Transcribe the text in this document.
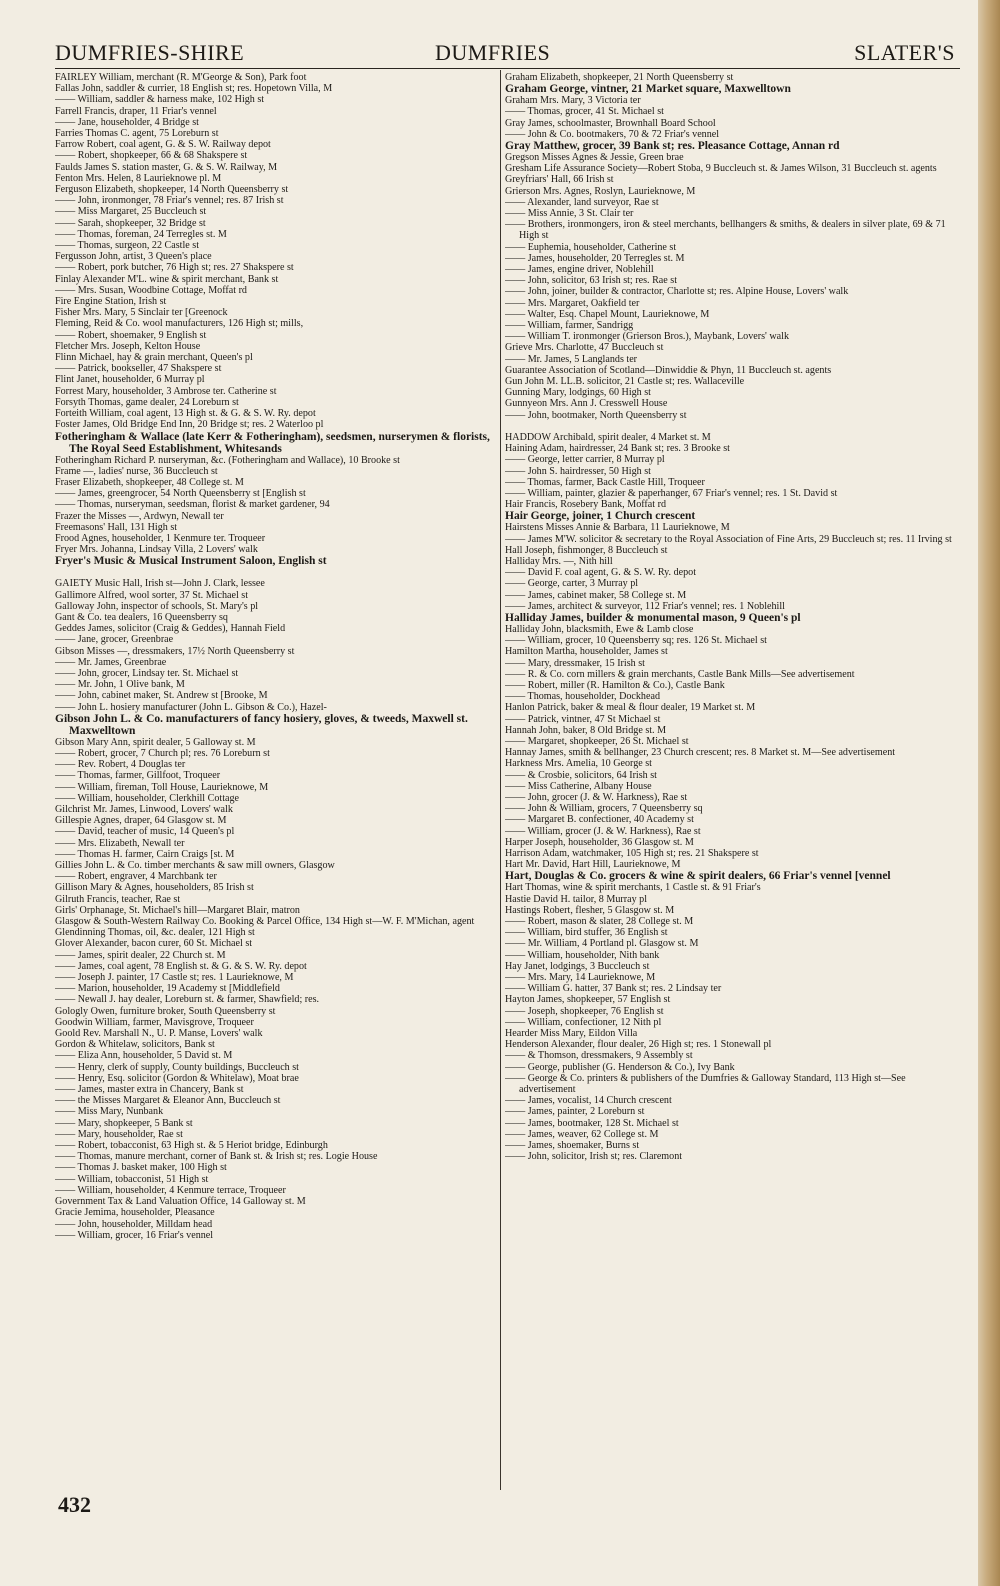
DUMFRIES-SHIRE	DUMFRIES	SLATER'S

FAIRLEY William, merchant (R. M'George & Son), Park foot

Fallas John, saddler & currier, 18 English st; res. Hopetown Villa, M

—— William, saddler & harness make, 102 High st

Farrell Francis, draper, 11 Friar's vennel

—— Jane, householder, 4 Bridge st

Farries Thomas C. agent, 75 Loreburn st

Farrow Robert, coal agent, G. & S. W. Railway depot

—— Robert, shopkeeper, 66 & 68 Shakspere st

Faulds James S. station master, G. & S. W. Railway, M

Fenton Mrs. Helen, 8 Laurieknowe pl. M

Ferguson Elizabeth, shopkeeper, 14 North Queensberry st

—— John, ironmonger, 78 Friar's vennel; res. 87 Irish st

—— Miss Margaret, 25 Buccleuch st

—— Sarah, shopkeeper, 32 Bridge st

—— Thomas, foreman, 24 Terregles st. M

—— Thomas, surgeon, 22 Castle st

Fergusson John, artist, 3 Queen's place

—— Robert, pork butcher, 76 High st; res. 27 Shakspere st

Finlay Alexander M'L. wine & spirit merchant, Bank st

—— Mrs. Susan, Woodbine Cottage, Moffat rd

Fire Engine Station, Irish st

Fisher Mrs. Mary, 5 Sinclair ter [Greenock

Fleming, Reid & Co. wool manufacturers, 126 High st; mills,

—— Robert, shoemaker, 9 English st

Fletcher Mrs. Joseph, Kelton House

Flinn Michael, hay & grain merchant, Queen's pl

—— Patrick, bookseller, 47 Shakspere st

Flint Janet, householder, 6 Murray pl

Forrest Mary, householder, 3 Ambrose ter. Catherine st

Forsyth Thomas, game dealer, 24 Loreburn st

Forteith William, coal agent, 13 High st. & G. & S. W. Ry. depot

Foster James, Old Bridge End Inn, 20 Bridge st; res. 2 Waterloo pl

Fotheringham & Wallace (late Kerr & Fotheringham), seedsmen, nurserymen & florists, The Royal Seed Establishment, Whitesands

Fotheringham Richard P. nurseryman, &c. (Fotheringham and Wallace), 10 Brooke st

Frame —, ladies' nurse, 36 Buccleuch st

Fraser Elizabeth, shopkeeper, 48 College st. M

—— James, greengrocer, 54 North Queensberry st [English st

—— Thomas, nurseryman, seedsman, florist & market gardener, 94

Frazer the Misses —, Ardwyn, Newall ter

Freemasons' Hall, 131 High st

Frood Agnes, householder, 1 Kenmure ter. Troqueer

Fryer Mrs. Johanna, Lindsay Villa, 2 Lovers' walk

Fryer's Music & Musical Instrument Saloon, English st

GAIETY Music Hall, Irish st—John J. Clark, lessee

Gallimore Alfred, wool sorter, 37 St. Michael st

Galloway John, inspector of schools, St. Mary's pl

Gant & Co. tea dealers, 16 Queensberry sq

Geddes James, solicitor (Craig & Geddes), Hannah Field

—— Jane, grocer, Greenbrae

Gibson Misses —, dressmakers, 17½ North Queensberry st

—— Mr. James, Greenbrae

—— John, grocer, Lindsay ter. St. Michael st

—— Mr. John, 1 Olive bank, M

—— John, cabinet maker, St. Andrew st [Brooke, M

—— John L. hosiery manufacturer (John L. Gibson & Co.), Hazel-

Gibson John L. & Co. manufacturers of fancy hosiery, gloves, & tweeds, Maxwell st. Maxwelltown

Gibson Mary Ann, spirit dealer, 5 Galloway st. M

—— Robert, grocer, 7 Church pl; res. 76 Loreburn st

—— Rev. Robert, 4 Douglas ter

—— Thomas, farmer, Gillfoot, Troqueer

—— William, fireman, Toll House, Laurieknowe, M

—— William, householder, Clerkhill Cottage

Gilchrist Mr. James, Linwood, Lovers' walk

Gillespie Agnes, draper, 64 Glasgow st. M

—— David, teacher of music, 14 Queen's pl

—— Mrs. Elizabeth, Newall ter

—— Thomas H. farmer, Cairn Craigs [st. M

Gillies John L. & Co. timber merchants & saw mill owners, Glasgow

—— Robert, engraver, 4 Marchbank ter

Gillison Mary & Agnes, householders, 85 Irish st

Gilruth Francis, teacher, Rae st

Girls' Orphanage, St. Michael's hill—Margaret Blair, matron

Glasgow & South-Western Railway Co. Booking & Parcel Office, 134 High st—W. F. M'Michan, agent

Glendinning Thomas, oil, &c. dealer, 121 High st

Glover Alexander, bacon curer, 60 St. Michael st

—— James, spirit dealer, 22 Church st. M

—— James, coal agent, 78 English st. & G. & S. W. Ry. depot

—— Joseph J. painter, 17 Castle st; res. 1 Laurieknowe, M

—— Marion, householder, 19 Academy st [Middlefield

—— Newall J. hay dealer, Loreburn st. & farmer, Shawfield; res.

Gologly Owen, furniture broker, South Queensberry st

Goodwin William, farmer, Mavisgrove, Troqueer

Goold Rev. Marshall N., U. P. Manse, Lovers' walk

Gordon & Whitelaw, solicitors, Bank st

—— Eliza Ann, householder, 5 David st. M

—— Henry, clerk of supply, County buildings, Buccleuch st

—— Henry, Esq. solicitor (Gordon & Whitelaw), Moat brae

—— James, master extra in Chancery, Bank st

—— the Misses Margaret & Eleanor Ann, Buccleuch st

—— Miss Mary, Nunbank

—— Mary, shopkeeper, 5 Bank st

—— Mary, householder, Rae st

—— Robert, tobacconist, 63 High st. & 5 Heriot bridge, Edinburgh

—— Thomas, manure merchant, corner of Bank st. & Irish st; res. Logie House

—— Thomas J. basket maker, 100 High st

—— William, tobacconist, 51 High st

—— William, householder, 4 Kenmure terrace, Troqueer

Government Tax & Land Valuation Office, 14 Galloway st. M

Gracie Jemima, householder, Pleasance

—— John, householder, Milldam head

—— William, grocer, 16 Friar's vennel

Graham Elizabeth, shopkeeper, 21 North Queensberry st

Graham George, vintner, 21 Market square, Maxwelltown

Graham Mrs. Mary, 3 Victoria ter

—— Thomas, grocer, 41 St. Michael st

Gray James, schoolmaster, Brownhall Board School

—— John & Co. bootmakers, 70 & 72 Friar's vennel

Gray Matthew, grocer, 39 Bank st; res. Pleasance Cottage, Annan rd

Gregson Misses Agnes & Jessie, Green brae

Gresham Life Assurance Society—Robert Stoba, 9 Buccleuch st. & James Wilson, 31 Buccleuch st. agents

Greyfriars' Hall, 66 Irish st

Grierson Mrs. Agnes, Roslyn, Laurieknowe, M

—— Alexander, land surveyor, Rae st

—— Miss Annie, 3 St. Clair ter

—— Brothers, ironmongers, iron & steel merchants, bellhangers & smiths, & dealers in silver plate, 69 & 71 High st

—— Euphemia, householder, Catherine st

—— James, householder, 20 Terregles st. M

—— James, engine driver, Noblehill

—— John, solicitor, 63 Irish st; res. Rae st

—— John, joiner, builder & contractor, Charlotte st; res. Alpine House, Lovers' walk

—— Mrs. Margaret, Oakfield ter

—— Walter, Esq. Chapel Mount, Laurieknowe, M

—— William, farmer, Sandrigg

—— William T. ironmonger (Grierson Bros.), Maybank, Lovers' walk

Grieve Mrs. Charlotte, 47 Buccleuch st

—— Mr. James, 5 Langlands ter

Guarantee Association of Scotland—Dinwiddie & Phyn, 11 Buccleuch st. agents

Gun John M. LL.B. solicitor, 21 Castle st; res. Wallaceville

Gunning Mary, lodgings, 60 High st

Gunnyeon Mrs. Ann J. Cresswell House

—— John, bootmaker, North Queensberry st

HADDOW Archibald, spirit dealer, 4 Market st. M

Haining Adam, hairdresser, 24 Bank st; res. 3 Brooke st

—— George, letter carrier, 8 Murray pl

—— John S. hairdresser, 50 High st

—— Thomas, farmer, Back Castle Hill, Troqueer

—— William, painter, glazier & paperhanger, 67 Friar's vennel; res. 1 St. David st

Hair Francis, Rosebery Bank, Moffat rd

Hair George, joiner, 1 Church crescent

Hairstens Misses Annie & Barbara, 11 Laurieknowe, M

—— James M'W. solicitor & secretary to the Royal Association of Fine Arts, 29 Buccleuch st; res. 11 Irving st

Hall Joseph, fishmonger, 8 Buccleuch st

Halliday Mrs. —, Nith hill

—— David F. coal agent, G. & S. W. Ry. depot

—— George, carter, 3 Murray pl

—— James, cabinet maker, 58 College st. M

—— James, architect & surveyor, 112 Friar's vennel; res. 1 Noblehill

Halliday James, builder & monumental mason, 9 Queen's pl

Halliday John, blacksmith, Ewe & Lamb close

—— William, grocer, 10 Queensberry sq; res. 126 St. Michael st

Hamilton Martha, householder, James st

—— Mary, dressmaker, 15 Irish st

—— R. & Co. corn millers & grain merchants, Castle Bank Mills—See advertisement

—— Robert, miller (R. Hamilton & Co.), Castle Bank

—— Thomas, householder, Dockhead

Hanlon Patrick, baker & meal & flour dealer, 19 Market st. M

—— Patrick, vintner, 47 St Michael st

Hannah John, baker, 8 Old Bridge st. M

—— Margaret, shopkeeper, 26 St. Michael st

Hannay James, smith & bellhanger, 23 Church crescent; res. 8 Market st. M—See advertisement

Harkness Mrs. Amelia, 10 George st

—— & Crosbie, solicitors, 64 Irish st

—— Miss Catherine, Albany House

—— John, grocer (J. & W. Harkness), Rae st

—— John & William, grocers, 7 Queensberry sq

—— Margaret B. confectioner, 40 Academy st

—— William, grocer (J. & W. Harkness), Rae st

Harper Joseph, householder, 36 Glasgow st. M

Harrison Adam, watchmaker, 105 High st; res. 21 Shakspere st

Hart Mr. David, Hart Hill, Laurieknowe, M

Hart, Douglas & Co. grocers & wine & spirit dealers, 66 Friar's vennel [vennel

Hart Thomas, wine & spirit merchants, 1 Castle st. & 91 Friar's

Hastie David H. tailor, 8 Murray pl

Hastings Robert, flesher, 5 Glasgow st. M

—— Robert, mason & slater, 28 College st. M

—— William, bird stuffer, 36 English st

—— Mr. William, 4 Portland pl. Glasgow st. M

—— William, householder, Nith bank

Hay Janet, lodgings, 3 Buccleuch st

—— Mrs. Mary, 14 Laurieknowe, M

—— William G. hatter, 37 Bank st; res. 2 Lindsay ter

Hayton James, shopkeeper, 57 English st

—— Joseph, shopkeeper, 76 English st

—— William, confectioner, 12 Nith pl

Hearder Miss Mary, Eildon Villa

Henderson Alexander, flour dealer, 26 High st; res. 1 Stonewall pl

—— & Thomson, dressmakers, 9 Assembly st

—— George, publisher (G. Henderson & Co.), Ivy Bank

—— George & Co. printers & publishers of the Dumfries & Galloway Standard, 113 High st—See advertisement

—— James, vocalist, 14 Church crescent

—— James, painter, 2 Loreburn st

—— James, bootmaker, 128 St. Michael st

—— James, weaver, 62 College st. M

—— James, shoemaker, Burns st

—— John, solicitor, Irish st; res. Claremont

432
